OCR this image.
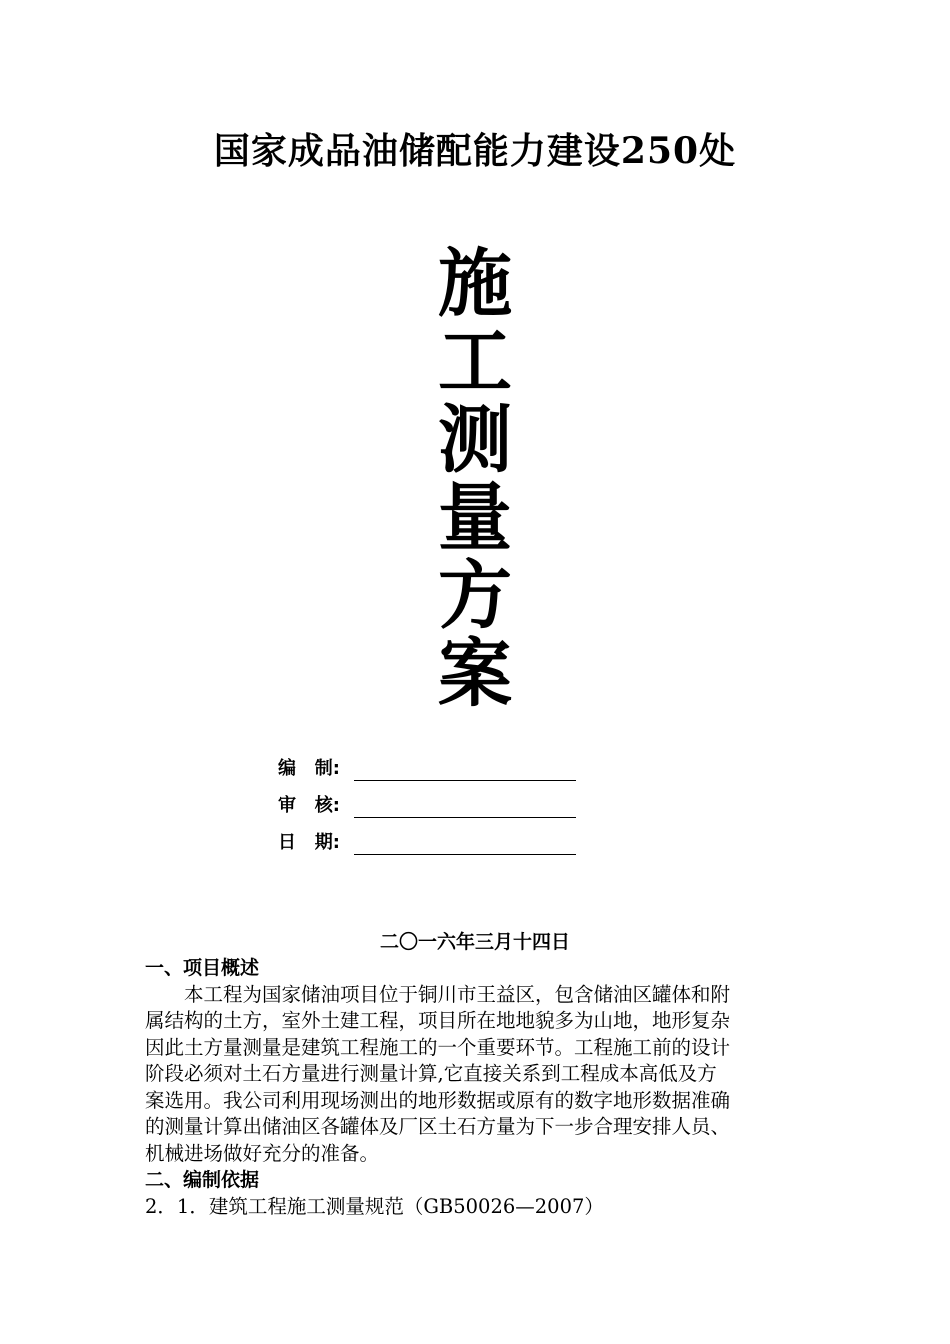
国家成品油储配能力建设250处
施
工
测
量
方
案
编   制:
审   核:
日   期:
二〇一六年三月十四日
一、项目概述
本工程为国家储油项目位于铜川市王益区，包含储油区罐体和附
属结构的土方，室外土建工程，项目所在地地貌多为山地，地形复杂
因此土方量测量是建筑工程施工的一个重要环节。工程施工前的设计
阶段必须对土石方量进行测量计算,它直接关系到工程成本高低及方
案选用。我公司利用现场测出的地形数据或原有的数字地形数据准确
的测量计算出储油区各罐体及厂区土石方量为下一步合理安排人员、
机械进场做好充分的准备。
二、编制依据
2．1．建筑工程施工测量规范（GB50026—2007）
